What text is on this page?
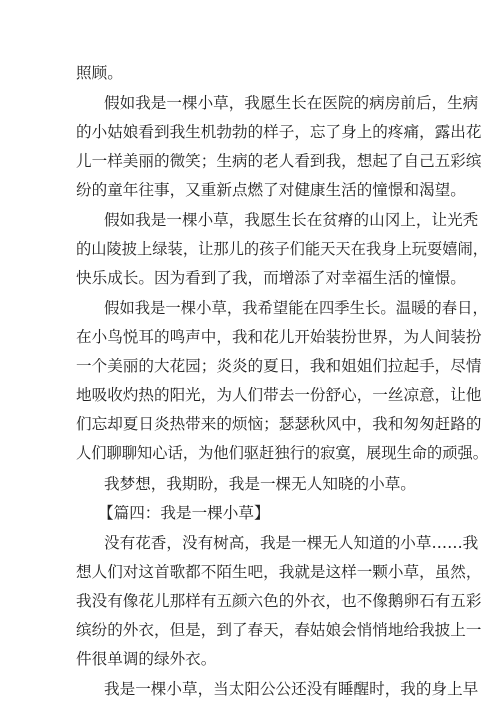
照顾。
假如我是一棵小草，我愿生长在医院的病房前后，生病
的小姑娘看到我生机勃勃的样子，忘了身上的疼痛，露出花
儿一样美丽的微笑；生病的老人看到我，想起了自己五彩缤
纷的童年往事，又重新点燃了对健康生活的憧憬和渴望。
假如我是一棵小草，我愿生长在贫瘠的山冈上，让光秃
的山陵披上绿装，让那儿的孩子们能天天在我身上玩耍嬉闹，
快乐成长。因为看到了我，而增添了对幸福生活的憧憬。
假如我是一棵小草，我希望能在四季生长。温暖的春日，
在小鸟悦耳的鸣声中，我和花儿开始装扮世界，为人间装扮
一个美丽的大花园；炎炎的夏日，我和姐姐们拉起手，尽情
地吸收灼热的阳光，为人们带去一份舒心，一丝凉意，让他
们忘却夏日炎热带来的烦恼；瑟瑟秋风中，我和匆匆赶路的
人们聊聊知心话，为他们驱赶独行的寂寞，展现生命的顽强。
我梦想，我期盼，我是一棵无人知晓的小草。
【篇四：我是一棵小草】
没有花香，没有树高，我是一棵无人知道的小草……我
想人们对这首歌都不陌生吧，我就是这样一颗小草，虽然，
我没有像花儿那样有五颜六色的外衣，也不像鹅卵石有五彩
缤纷的外衣，但是，到了春天，春姑娘会悄悄地给我披上一
件很单调的绿外衣。
我是一棵小草，当太阳公公还没有睡醒时，我的身上早
